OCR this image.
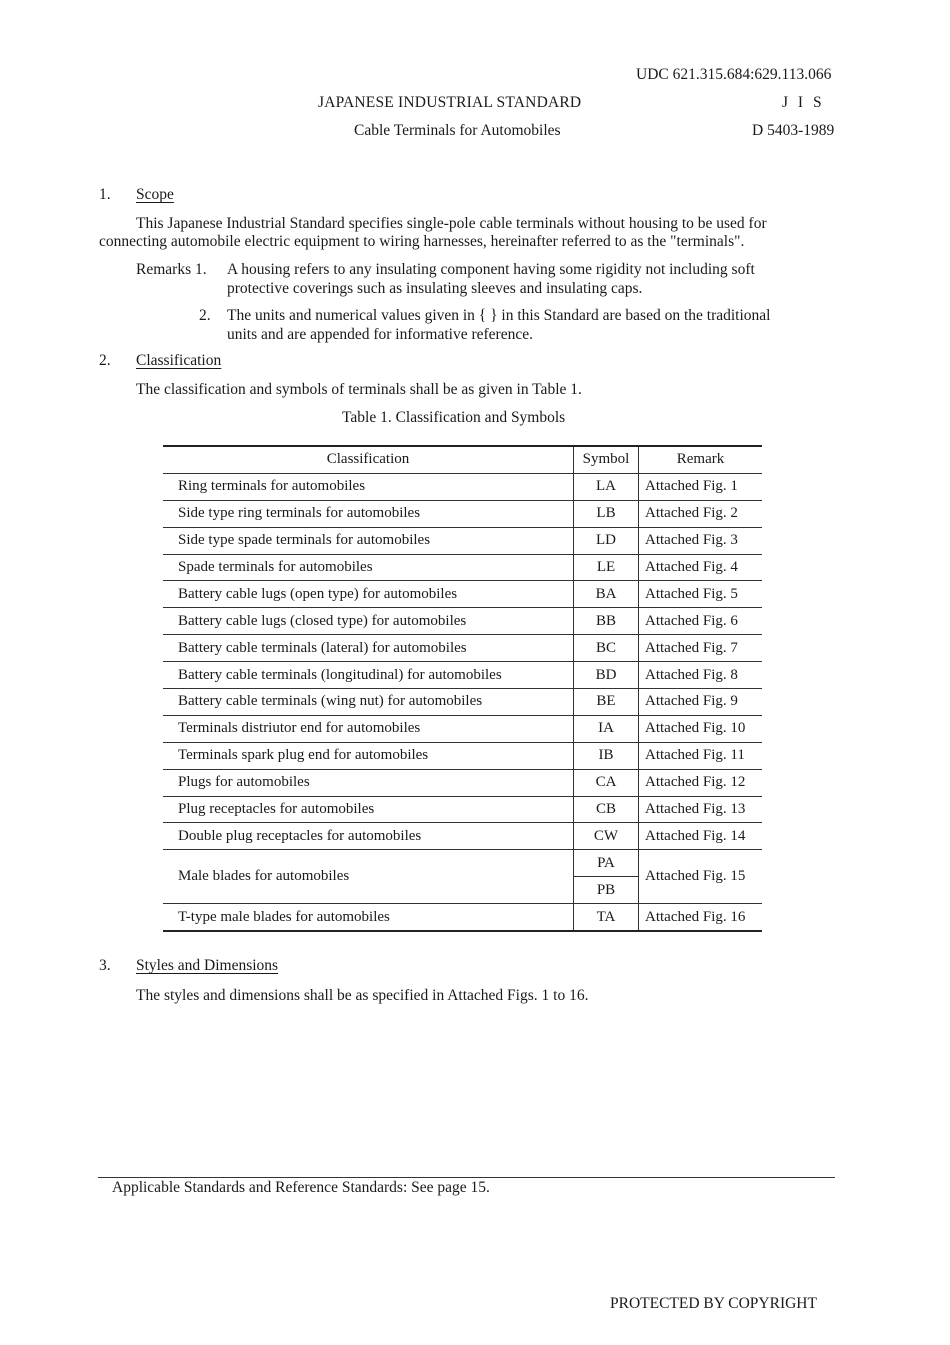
UDC 621.315.684:629.113.066
JAPANESE INDUSTRIAL STANDARD	J I S
Cable Terminals for Automobiles	D 5403-1989
1. Scope
This Japanese Industrial Standard specifies single-pole cable terminals without housing to be used for
connecting automobile electric equipment to wiring harnesses, hereinafter referred to as the "terminals".
Remarks 1. A housing refers to any insulating component having some rigidity not including soft
protective coverings such as insulating sleeves and insulating caps.
2. The units and numerical values given in { } in this Standard are based on the traditional
units and are appended for informative reference.
2. Classification
The classification and symbols of terminals shall be as given in Table 1.
Table 1. Classification and Symbols
Classification	Symbol	Remark
Ring terminals for automobiles	LA	Attached Fig. 1
Side type ring terminals for automobiles	LB	Attached Fig. 2
Side type spade terminals for automobiles	LD	Attached Fig. 3
Spade terminals for automobiles	LE	Attached Fig. 4
Battery cable lugs (open type) for automobiles	BA	Attached Fig. 5
Battery cable lugs (closed type) for automobiles	BB	Attached Fig. 6
Battery cable terminals (lateral) for automobiles	BC	Attached Fig. 7
Battery cable terminals (longitudinal) for automobiles	BD	Attached Fig. 8
Battery cable terminals (wing nut) for automobiles	BE	Attached Fig. 9
Terminals distriutor end for automobiles	IA	Attached Fig. 10
Terminals spark plug end for automobiles	IB	Attached Fig. 11
Plugs for automobiles	CA	Attached Fig. 12
Plug receptacles for automobiles	CB	Attached Fig. 13
Double plug receptacles for automobiles	CW	Attached Fig. 14
Male blades for automobiles	PA	Attached Fig. 15
	PB	
T-type male blades for automobiles	TA	Attached Fig. 16
3. Styles and Dimensions
The styles and dimensions shall be as specified in Attached Figs. 1 to 16.
Applicable Standards and Reference Standards: See page 15.
PROTECTED BY COPYRIGHT
